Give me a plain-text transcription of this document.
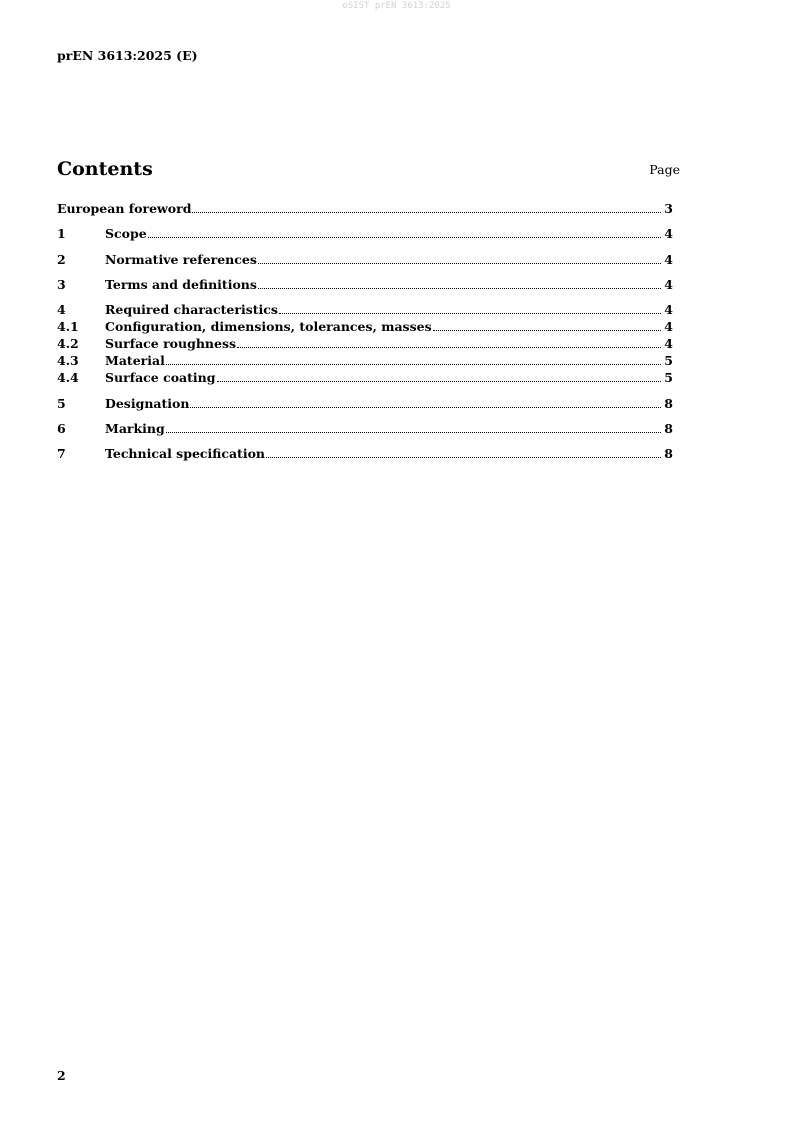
oSIST prEN 3613:2025
prEN 3613:2025 (E)
Contents	Page
European foreword	3
1	Scope	4
2	Normative references	4
3	Terms and definitions	4
4	Required characteristics	4
4.1	Configuration, dimensions, tolerances, masses	4
4.2	Surface roughness	4
4.3	Material	5
4.4	Surface coating	5
5	Designation	8
6	Marking	8
7	Technical specification	8
2
